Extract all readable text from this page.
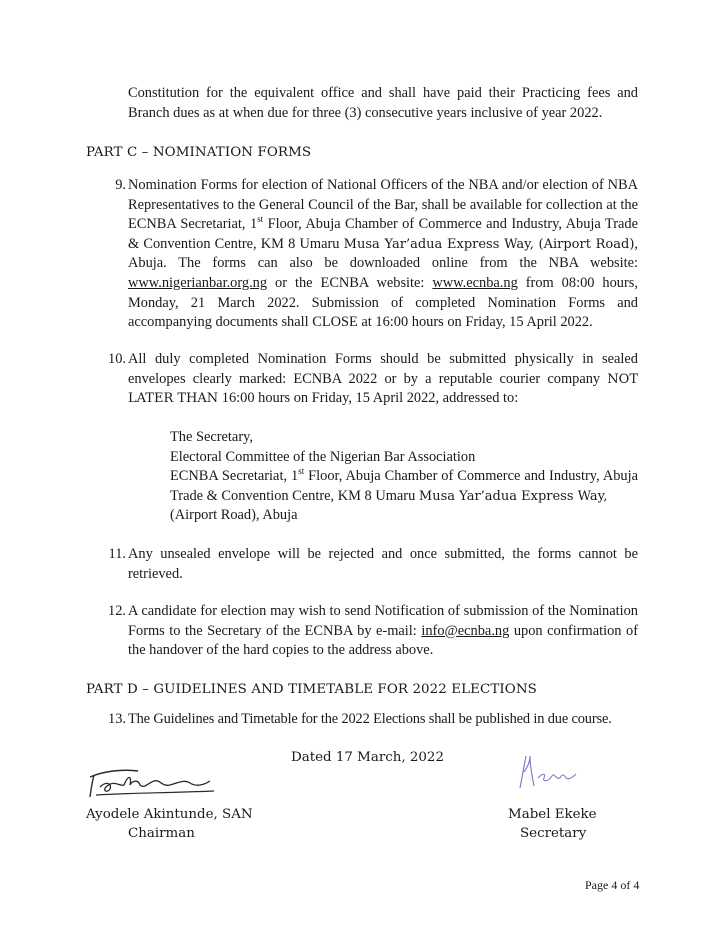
Constitution for the equivalent office and shall have paid their Practicing fees and
Branch dues as at when due for three (3) consecutive years inclusive of year 2022.
PART C – NOMINATION FORMS
9. Nomination Forms for election of National Officers of the NBA and/or election of NBA Representatives to the General Council of the Bar, shall be available for collection at the ECNBA Secretariat, 1st Floor, Abuja Chamber of Commerce and Industry, Abuja Trade & Convention Centre, KM 8 Umaru Musa Yar’adua Express Way, (Airport Road), Abuja. The forms can also be downloaded online from the NBA website: www.nigerianbar.org.ng or the ECNBA website: www.ecnba.ng from 08:00 hours, Monday, 21 March 2022. Submission of completed Nomination Forms and accompanying documents shall CLOSE at 16:00 hours on Friday, 15 April 2022.
10. All duly completed Nomination Forms should be submitted physically in sealed envelopes clearly marked: ECNBA 2022 or by a reputable courier company NOT LATER THAN 16:00 hours on Friday, 15 April 2022, addressed to:
The Secretary,
Electoral Committee of the Nigerian Bar Association
ECNBA Secretariat, 1st Floor, Abuja Chamber of Commerce and Industry, Abuja Trade & Convention Centre, KM 8 Umaru Musa Yar’adua Express Way,
(Airport Road), Abuja
11. Any unsealed envelope will be rejected and once submitted, the forms cannot be retrieved.
12. A candidate for election may wish to send Notification of submission of the Nomination Forms to the Secretary of the ECNBA by e-mail: info@ecnba.ng upon confirmation of the handover of the hard copies to the address above.
PART D – GUIDELINES AND TIMETABLE FOR 2022 ELECTIONS
13. The Guidelines and Timetable for the 2022 Elections shall be published in due course.
Dated 17 March, 2022
Ayodele Akintunde, SAN
Chairman
Mabel Ekeke
Secretary
Page 4 of 4
